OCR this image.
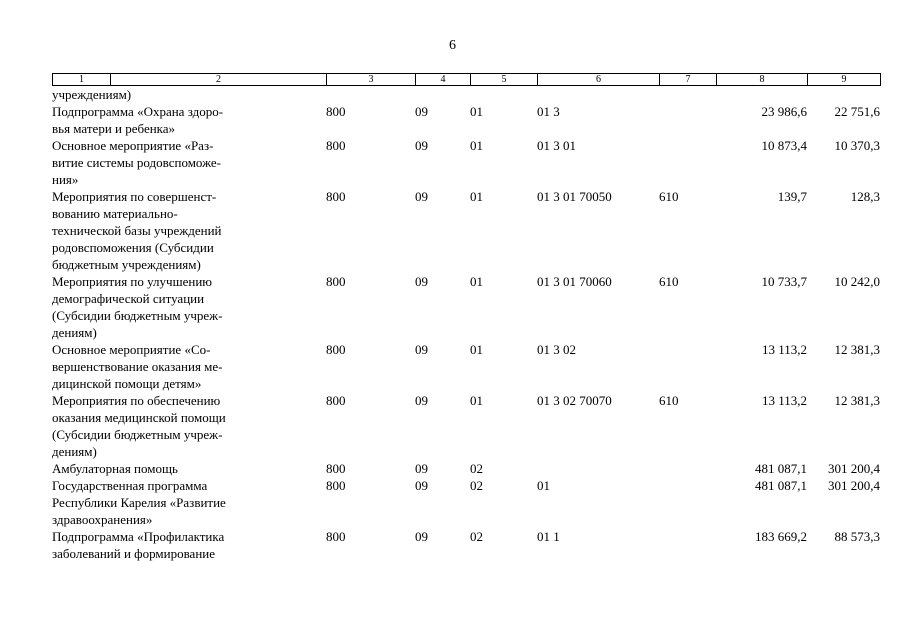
6
1	2	3	4	5	6	7	8	9
учреждениям)							
Подпрограмма «Охрана здоро-
вья матери и ребенка»	800	09	01	01 3		23 986,6	22 751,6
Основное мероприятие «Раз-
витие системы родовспоможе-
ния»	800	09	01	01 3 01		10 873,4	10 370,3
Мероприятия по совершенст-
вованию материально-
технической базы учреждений
родовспоможения (Субсидии
бюджетным учреждениям)	800	09	01	01 3 01 70050	610	139,7	128,3
Мероприятия по улучшению
демографической ситуации
(Субсидии бюджетным учреж-
дениям)	800	09	01	01 3 01 70060	610	10 733,7	10 242,0
Основное мероприятие «Со-
вершенствование оказания ме-
дицинской помощи детям»	800	09	01	01 3 02		13 113,2	12 381,3
Мероприятия по обеспечению
оказания медицинской помощи
(Субсидии бюджетным учреж-
дениям)	800	09	01	01 3 02 70070	610	13 113,2	12 381,3
Амбулаторная помощь	800	09	02			481 087,1	301 200,4
Государственная программа
Республики Карелия «Развитие
здравоохранения»	800	09	02	01		481 087,1	301 200,4
Подпрограмма «Профилактика
заболеваний и формирование	800	09	02	01 1		183 669,2	88 573,3
